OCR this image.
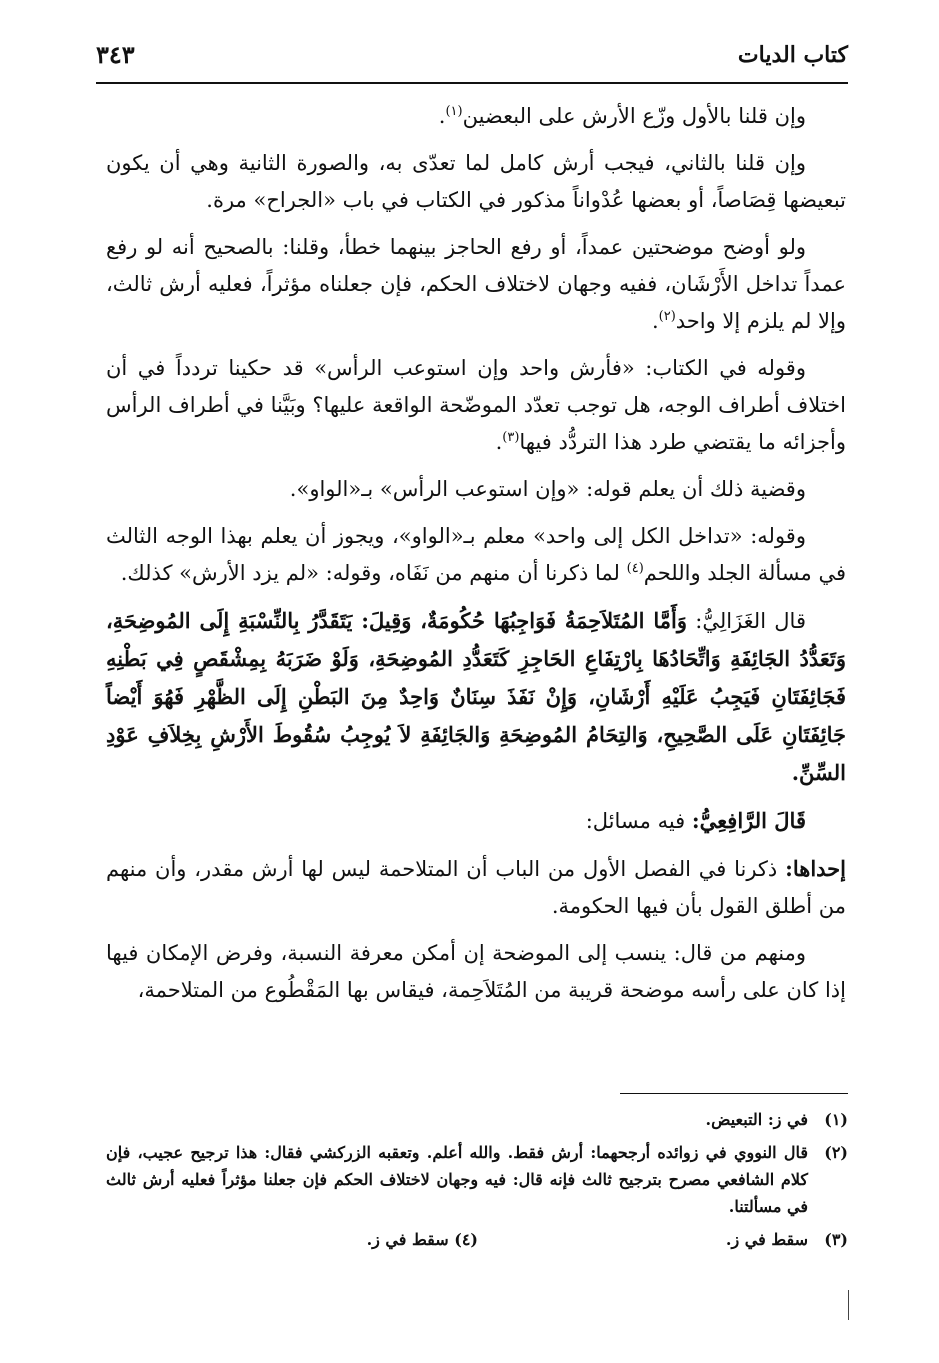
كتاب الديات
٣٤٣

وإن قلنا بالأول وزّع الأرش على البعضين$^{(١)}$.

وإن قلنا بالثاني، فيجب أرش كامل لما تعدّى به، والصورة الثانية وهي أن يكون تبعيضها قِصَاصاً، أو بعضها عُدْواناً مذكور في الكتاب في باب «الجراح» مرة.

ولو أوضح موضحتين عمداً، أو رفع الحاجز بينهما خطأ، وقلنا: بالصحيح أنه لو رفع عمداً تداخل الأَرْشَان، ففيه وجهان لاختلاف الحكم، فإن جعلناه مؤثراً، فعليه أرش ثالث، وإلا لم يلزم إلا واحد$^{(٢)}$.

وقوله في الكتاب: «فأرش واحد وإن استوعب الرأس» قد حكينا تردداً في أن اختلاف أطراف الوجه، هل توجب تعدّد الموضّحة الواقعة عليها؟ وبَيَّنا في أطراف الرأس وأجزائه ما يقتضي طرد هذا التردُّد فيها$^{(٣)}$.

وقضية ذلك أن يعلم قوله: «وإن استوعب الرأس» بـ«الواو».

وقوله: «تداخل الكل إلى واحد» معلم بـ«الواو»، ويجوز أن يعلم بهذا الوجه الثالث في مسألة الجلد واللحم$^{(٤)}$ لما ذكرنا أن منهم من نَفَاه، وقوله: «لم يزد الأرش» كذلك.

قال الغَزَالِيُّ: وَأَمَّا المُتَلاَحِمَةُ فَوَاجِبُهَا حُكُومَةٌ، وَقِيلَ: يَتَقَدَّرُ بِالنِّسْبَةِ إِلَى المُوضِحَةِ، وَتَعَدُّدُ الجَائِفَةِ وَاتِّحَادُهَا بِارْتِفَاعِ الحَاجِزِ كَتَعَدُّدِ المُوضِحَةِ، وَلَوْ ضَرَبَهُ بِمِشْقَصٍ فِي بَطْنِهِ فَجَائِفَتَانِ فَيَجِبُ عَلَيْهِ أَرْشَانِ، وَإِنْ نَفَذَ سِنَانٌ وَاحِدٌ مِنَ البَطْنِ إِلَى الظَّهْرِ فَهُوَ أَيْضاً جَائِفَتَانِ عَلَى الصَّحِيحِ، وَالتِحَامُ المُوضِحَةِ وَالجَائِفَةِ لاَ يُوجِبُ سُقُوطَ الأَرْشِ بِخِلاَفِ عَوْدِ السِّنِّ.

قَالَ الرَّافِعِيُّ: فيه مسائل:

إحداها: ذكرنا في الفصل الأول من الباب أن المتلاحمة ليس لها أرش مقدر، وأن منهم من أطلق القول بأن فيها الحكومة.

ومنهم من قال: ينسب إلى الموضحة إن أمكن معرفة النسبة، وفرض الإمكان فيها إذا كان على رأسه موضحة قريبة من المُتَلاَحِمة، فيقاس بها المَقْطُوع من المتلاحمة،

(١)
في ز: التبعيض.
(٢)
قال النووي في زوائده أرجحهما: أرش فقط. والله أعلم. وتعقبه الزركشي فقال: هذا ترجيح عجيب، فإن كلام الشافعي مصرح بترجيح ثالث فإنه قال: فيه وجهان لاختلاف الحكم فإن جعلنا مؤثراً فعليه أرش ثالث في مسألتنا.
(٣)
سقط في ز.
(٤) سقط في ز.
